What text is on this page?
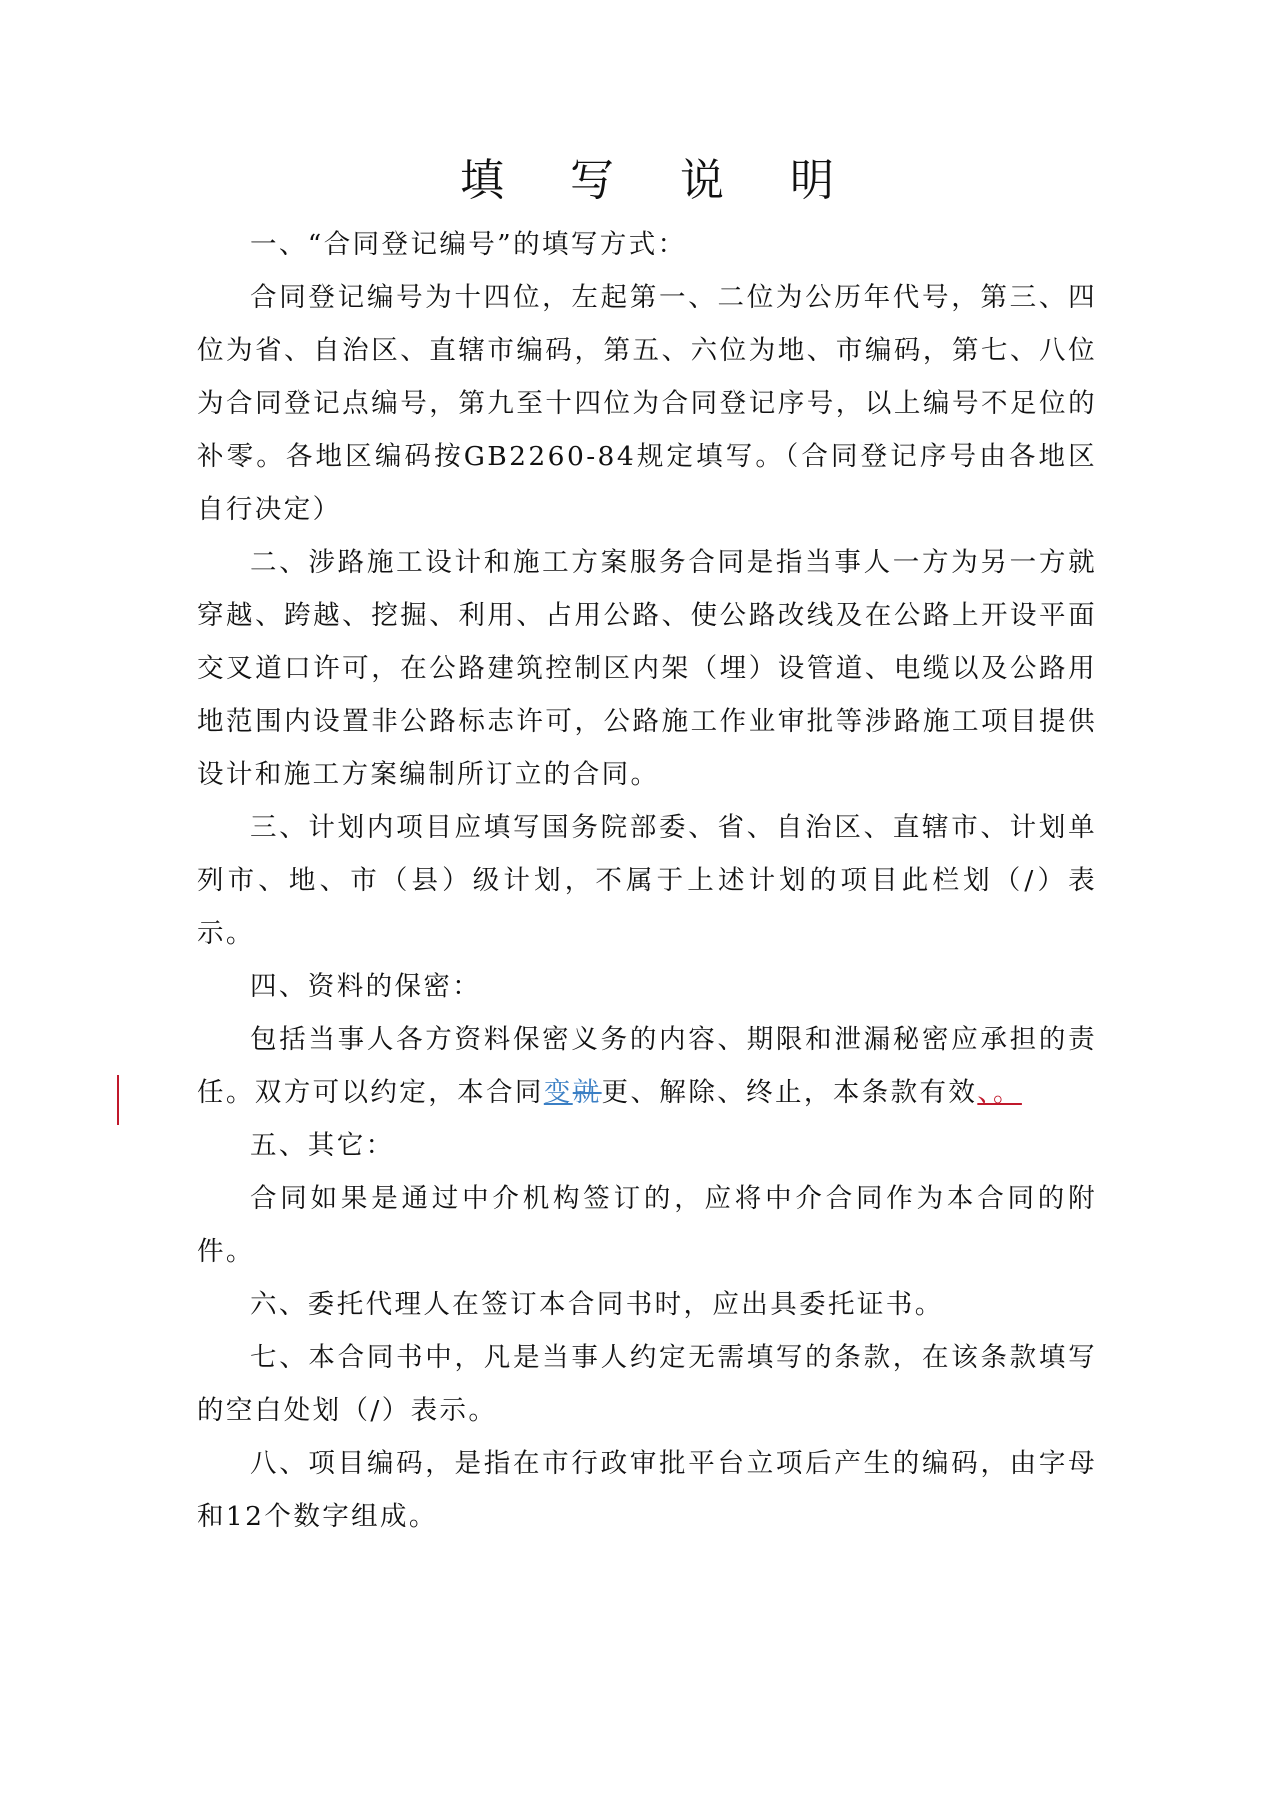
填 写 说 明

一、“合同登记编号”的填写方式：

合同登记编号为十四位，左起第一、二位为公历年代号，第三、四位为省、自治区、直辖市编码，第五、六位为地、市编码，第七、八位为合同登记点编号，第九至十四位为合同登记序号，以上编号不足位的补零。各地区编码按GB2260-84规定填写。（合同登记序号由各地区自行决定）

二、涉路施工设计和施工方案服务合同是指当事人一方为另一方就穿越、跨越、挖掘、利用、占用公路、使公路改线及在公路上开设平面交叉道口许可，在公路建筑控制区内架（埋）设管道、电缆以及公路用地范围内设置非公路标志许可，公路施工作业审批等涉路施工项目提供设计和施工方案编制所订立的合同。

三、计划内项目应填写国务院部委、省、自治区、直辖市、计划单列市、地、市（县）级计划，不属于上述计划的项目此栏划（/）表示。

四、资料的保密：

包括当事人各方资料保密义务的内容、期限和泄漏秘密应承担的责任。双方可以约定，本合同变就更、解除、终止，本条款有效、。

五、其它：

合同如果是通过中介机构签订的，应将中介合同作为本合同的附件。

六、委托代理人在签订本合同书时，应出具委托证书。

七、本合同书中，凡是当事人约定无需填写的条款，在该条款填写的空白处划（/）表示。

八、项目编码，是指在市行政审批平台立项后产生的编码，由字母和12个数字组成。
